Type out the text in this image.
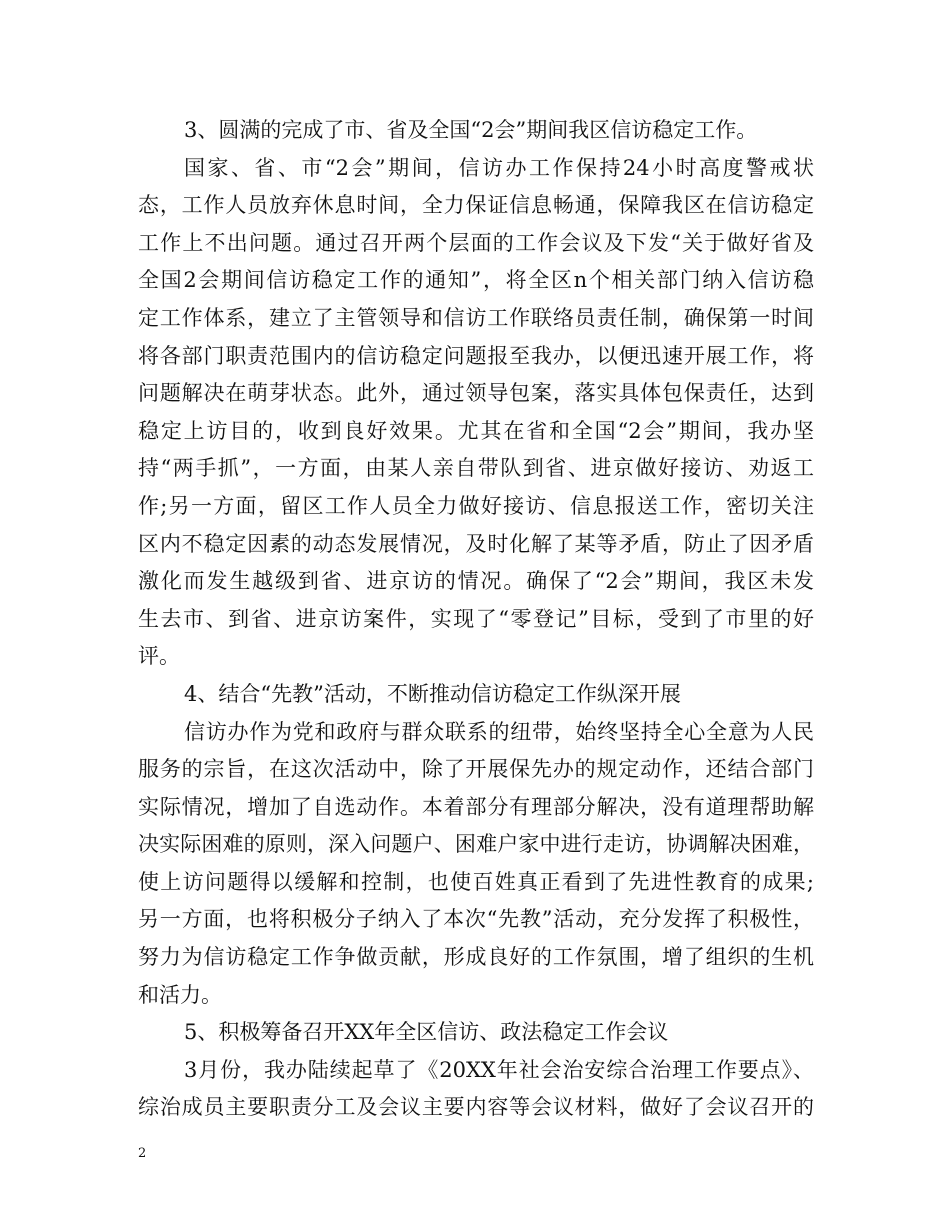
3、圆满的完成了市、省及全国“2会”期间我区信访稳定工作。
国家、省、市“2会”期间，信访办工作保持24小时高度警戒状
态，工作人员放弃休息时间，全力保证信息畅通，保障我区在信访稳定
工作上不出问题。通过召开两个层面的工作会议及下发“关于做好省及
全国2会期间信访稳定工作的通知”，将全区n个相关部门纳入信访稳
定工作体系，建立了主管领导和信访工作联络员责任制，确保第一时间
将各部门职责范围内的信访稳定问题报至我办，以便迅速开展工作，将
问题解决在萌芽状态。此外，通过领导包案，落实具体包保责任，达到
稳定上访目的，收到良好效果。尤其在省和全国“2会”期间，我办坚
持“两手抓”，一方面，由某人亲自带队到省、进京做好接访、劝返工
作;另一方面，留区工作人员全力做好接访、信息报送工作，密切关注
区内不稳定因素的动态发展情况，及时化解了某等矛盾，防止了因矛盾
激化而发生越级到省、进京访的情况。确保了“2会”期间，我区未发
生去市、到省、进京访案件，实现了“零登记”目标，受到了市里的好
评。
4、结合“先教”活动，不断推动信访稳定工作纵深开展
信访办作为党和政府与群众联系的纽带，始终坚持全心全意为人民
服务的宗旨，在这次活动中，除了开展保先办的规定动作，还结合部门
实际情况，增加了自选动作。本着部分有理部分解决，没有道理帮助解
决实际困难的原则，深入问题户、困难户家中进行走访，协调解决困难，
使上访问题得以缓解和控制，也使百姓真正看到了先进性教育的成果;
另一方面，也将积极分子纳入了本次“先教”活动，充分发挥了积极性，
努力为信访稳定工作争做贡献，形成良好的工作氛围，增了组织的生机
和活力。
5、积极筹备召开XX年全区信访、政法稳定工作会议
3月份，我办陆续起草了《20XX年社会治安综合治理工作要点》、
综治成员主要职责分工及会议主要内容等会议材料，做好了会议召开的
2
